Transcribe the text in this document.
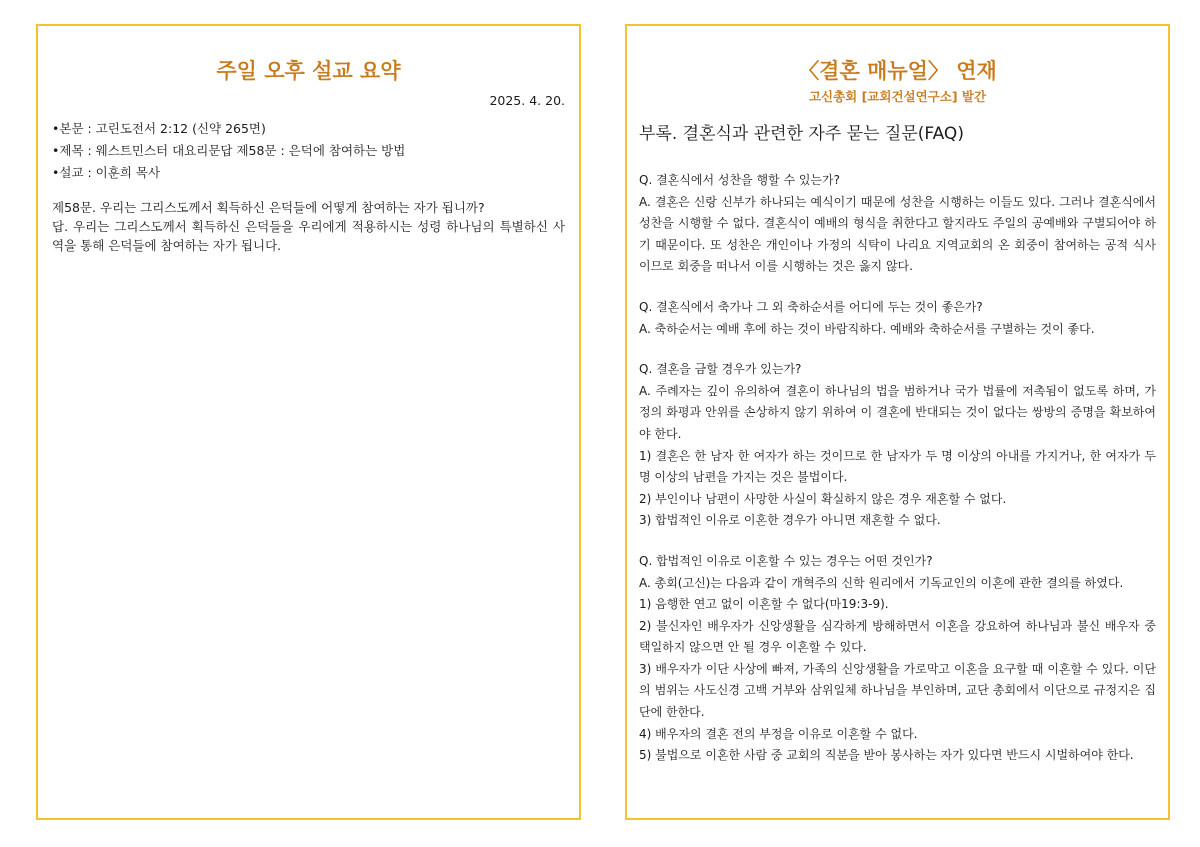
주일 오후 설교 요약
2025. 4. 20.
•본문 : 고린도전서 2:12 (신약 265면)
•제목 : 웨스트민스터 대요리문답 제58문 : 은덕에 참여하는 방법
•설교 : 이훈희 목사

제58문. 우리는 그리스도께서 획득하신 은덕들에 어떻게 참여하는 자가 됩니까?

답. 우리는 그리스도께서 획득하신 은덕들을 우리에게 적용하시는 성령 하나님의 특별하신 사역을 통해 은덕들에 참여하는 자가 됩니다.

〈결혼 매뉴얼〉 연재
고신총회 [교회건설연구소] 발간
부록. 결혼식과 관련한 자주 묻는 질문(FAQ)

Q. 결혼식에서 성찬을 행할 수 있는가?

A. 결혼은 신랑 신부가 하나되는 예식이기 때문에 성찬을 시행하는 이들도 있다. 그러나 결혼식에서 성찬을 시행할 수 없다. 결혼식이 예배의 형식을 취한다고 할지라도 주일의 공예배와 구별되어야 하기 때문이다. 또 성찬은 개인이나 가정의 식탁이 나리요 지역교회의 온 회중이 참여하는 공적 식사이므로 회중을 떠나서 이를 시행하는 것은 옳지 않다.

Q. 결혼식에서 축가나 그 외 축하순서를 어디에 두는 것이 좋은가?

A. 축하순서는 예배 후에 하는 것이 바람직하다. 예배와 축하순서를 구별하는 것이 좋다.

Q. 결혼을 금할 경우가 있는가?

A. 주례자는 깊이 유의하여 결혼이 하나님의 법을 범하거나 국가 법률에 저촉됨이 없도록 하며, 가정의 화평과 안위를 손상하지 않기 위하여 이 결혼에 반대되는 것이 없다는 쌍방의 증명을 확보하여야 한다.

1) 결혼은 한 남자 한 여자가 하는 것이므로 한 남자가 두 명 이상의 아내를 가지거나, 한 여자가 두 명 이상의 남편을 가지는 것은 불법이다.

2) 부인이나 남편이 사망한 사실이 확실하지 않은 경우 재혼할 수 없다.

3) 합법적인 이유로 이혼한 경우가 아니면 재혼할 수 없다.

Q. 합법적인 이유로 이혼할 수 있는 경우는 어떤 것인가?

A. 총회(고신)는 다음과 같이 개혁주의 신학 원리에서 기독교인의 이혼에 관한 결의를 하였다.

1) 음행한 연고 없이 이혼할 수 없다(마19:3-9).

2) 불신자인 배우자가 신앙생활을 심각하게 방해하면서 이혼을 강요하여 하나님과 불신 배우자 중 택일하지 않으면 안 될 경우 이혼할 수 있다.

3) 배우자가 이단 사상에 빠져, 가족의 신앙생활을 가로막고 이혼을 요구할 때 이혼할 수 있다. 이단의 범위는 사도신경 고백 거부와 삼위일체 하나님을 부인하며, 교단 총회에서 이단으로 규정지은 집단에 한한다.

4) 배우자의 결혼 전의 부정을 이유로 이혼할 수 없다.

5) 불법으로 이혼한 사람 중 교회의 직분을 받아 봉사하는 자가 있다면 반드시 시벌하여야 한다.
